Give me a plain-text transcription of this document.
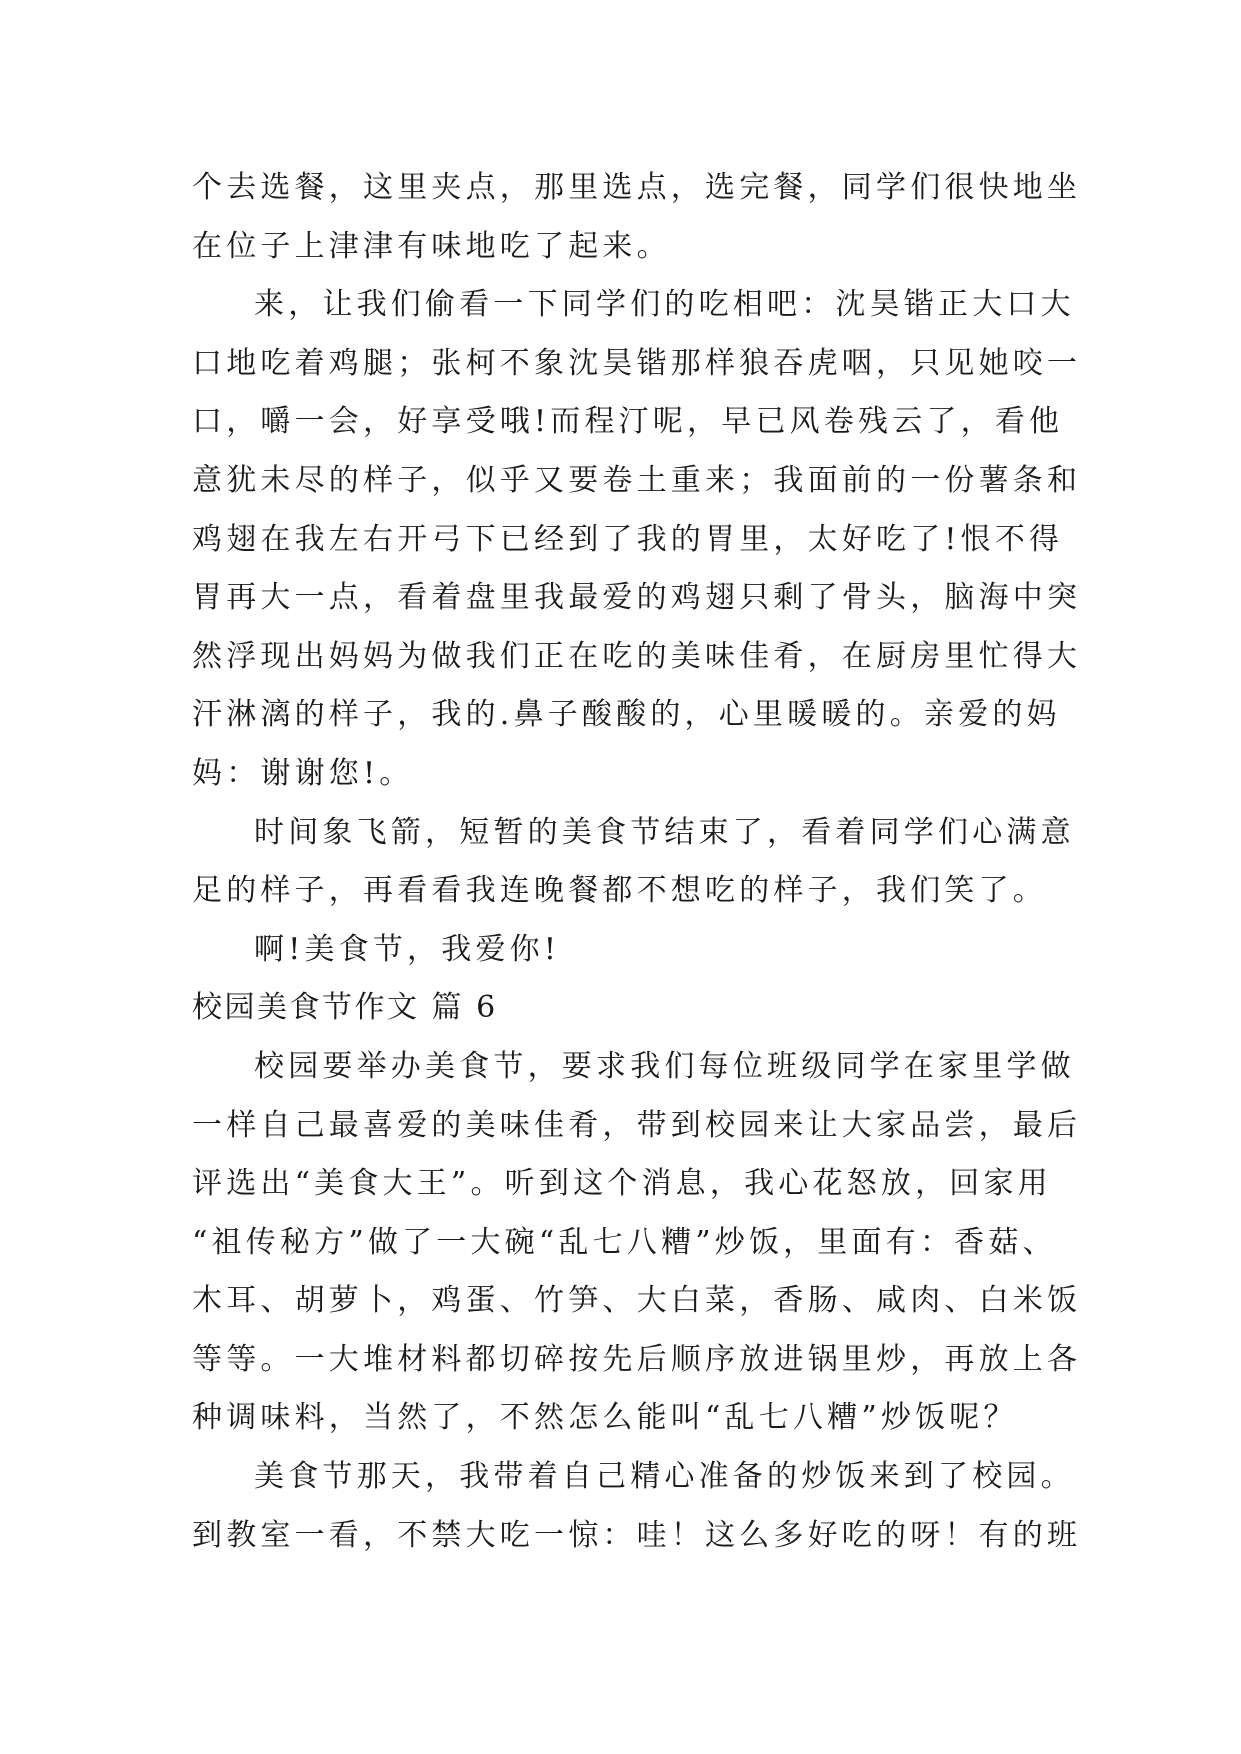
个去选餐，这里夹点，那里选点，选完餐，同学们很快地坐
在位子上津津有味地吃了起来。
来，让我们偷看一下同学们的吃相吧：沈昊锴正大口大
口地吃着鸡腿；张柯不象沈昊锴那样狼吞虎咽，只见她咬一
口，嚼一会，好享受哦!而程汀呢，早已风卷残云了，看他
意犹未尽的样子，似乎又要卷土重来；我面前的一份薯条和
鸡翅在我左右开弓下已经到了我的胃里，太好吃了!恨不得
胃再大一点，看着盘里我最爱的鸡翅只剩了骨头，脑海中突
然浮现出妈妈为做我们正在吃的美味佳肴，在厨房里忙得大
汗淋漓的样子，我的.鼻子酸酸的，心里暖暖的。亲爱的妈
妈：谢谢您!。
时间象飞箭，短暂的美食节结束了，看着同学们心满意
足的样子，再看看我连晚餐都不想吃的样子，我们笑了。
啊!美食节，我爱你!
校园美食节作文 篇 6
校园要举办美食节，要求我们每位班级同学在家里学做
一样自己最喜爱的美味佳肴，带到校园来让大家品尝，最后
评选出“美食大王”。听到这个消息，我心花怒放，回家用
“祖传秘方”做了一大碗“乱七八糟”炒饭，里面有：香菇、
木耳、胡萝卜，鸡蛋、竹笋、大白菜，香肠、咸肉、白米饭
等等。一大堆材料都切碎按先后顺序放进锅里炒，再放上各
种调味料，当然了，不然怎么能叫“乱七八糟”炒饭呢？
美食节那天，我带着自己精心准备的炒饭来到了校园。
到教室一看，不禁大吃一惊：哇！这么多好吃的呀！有的班
